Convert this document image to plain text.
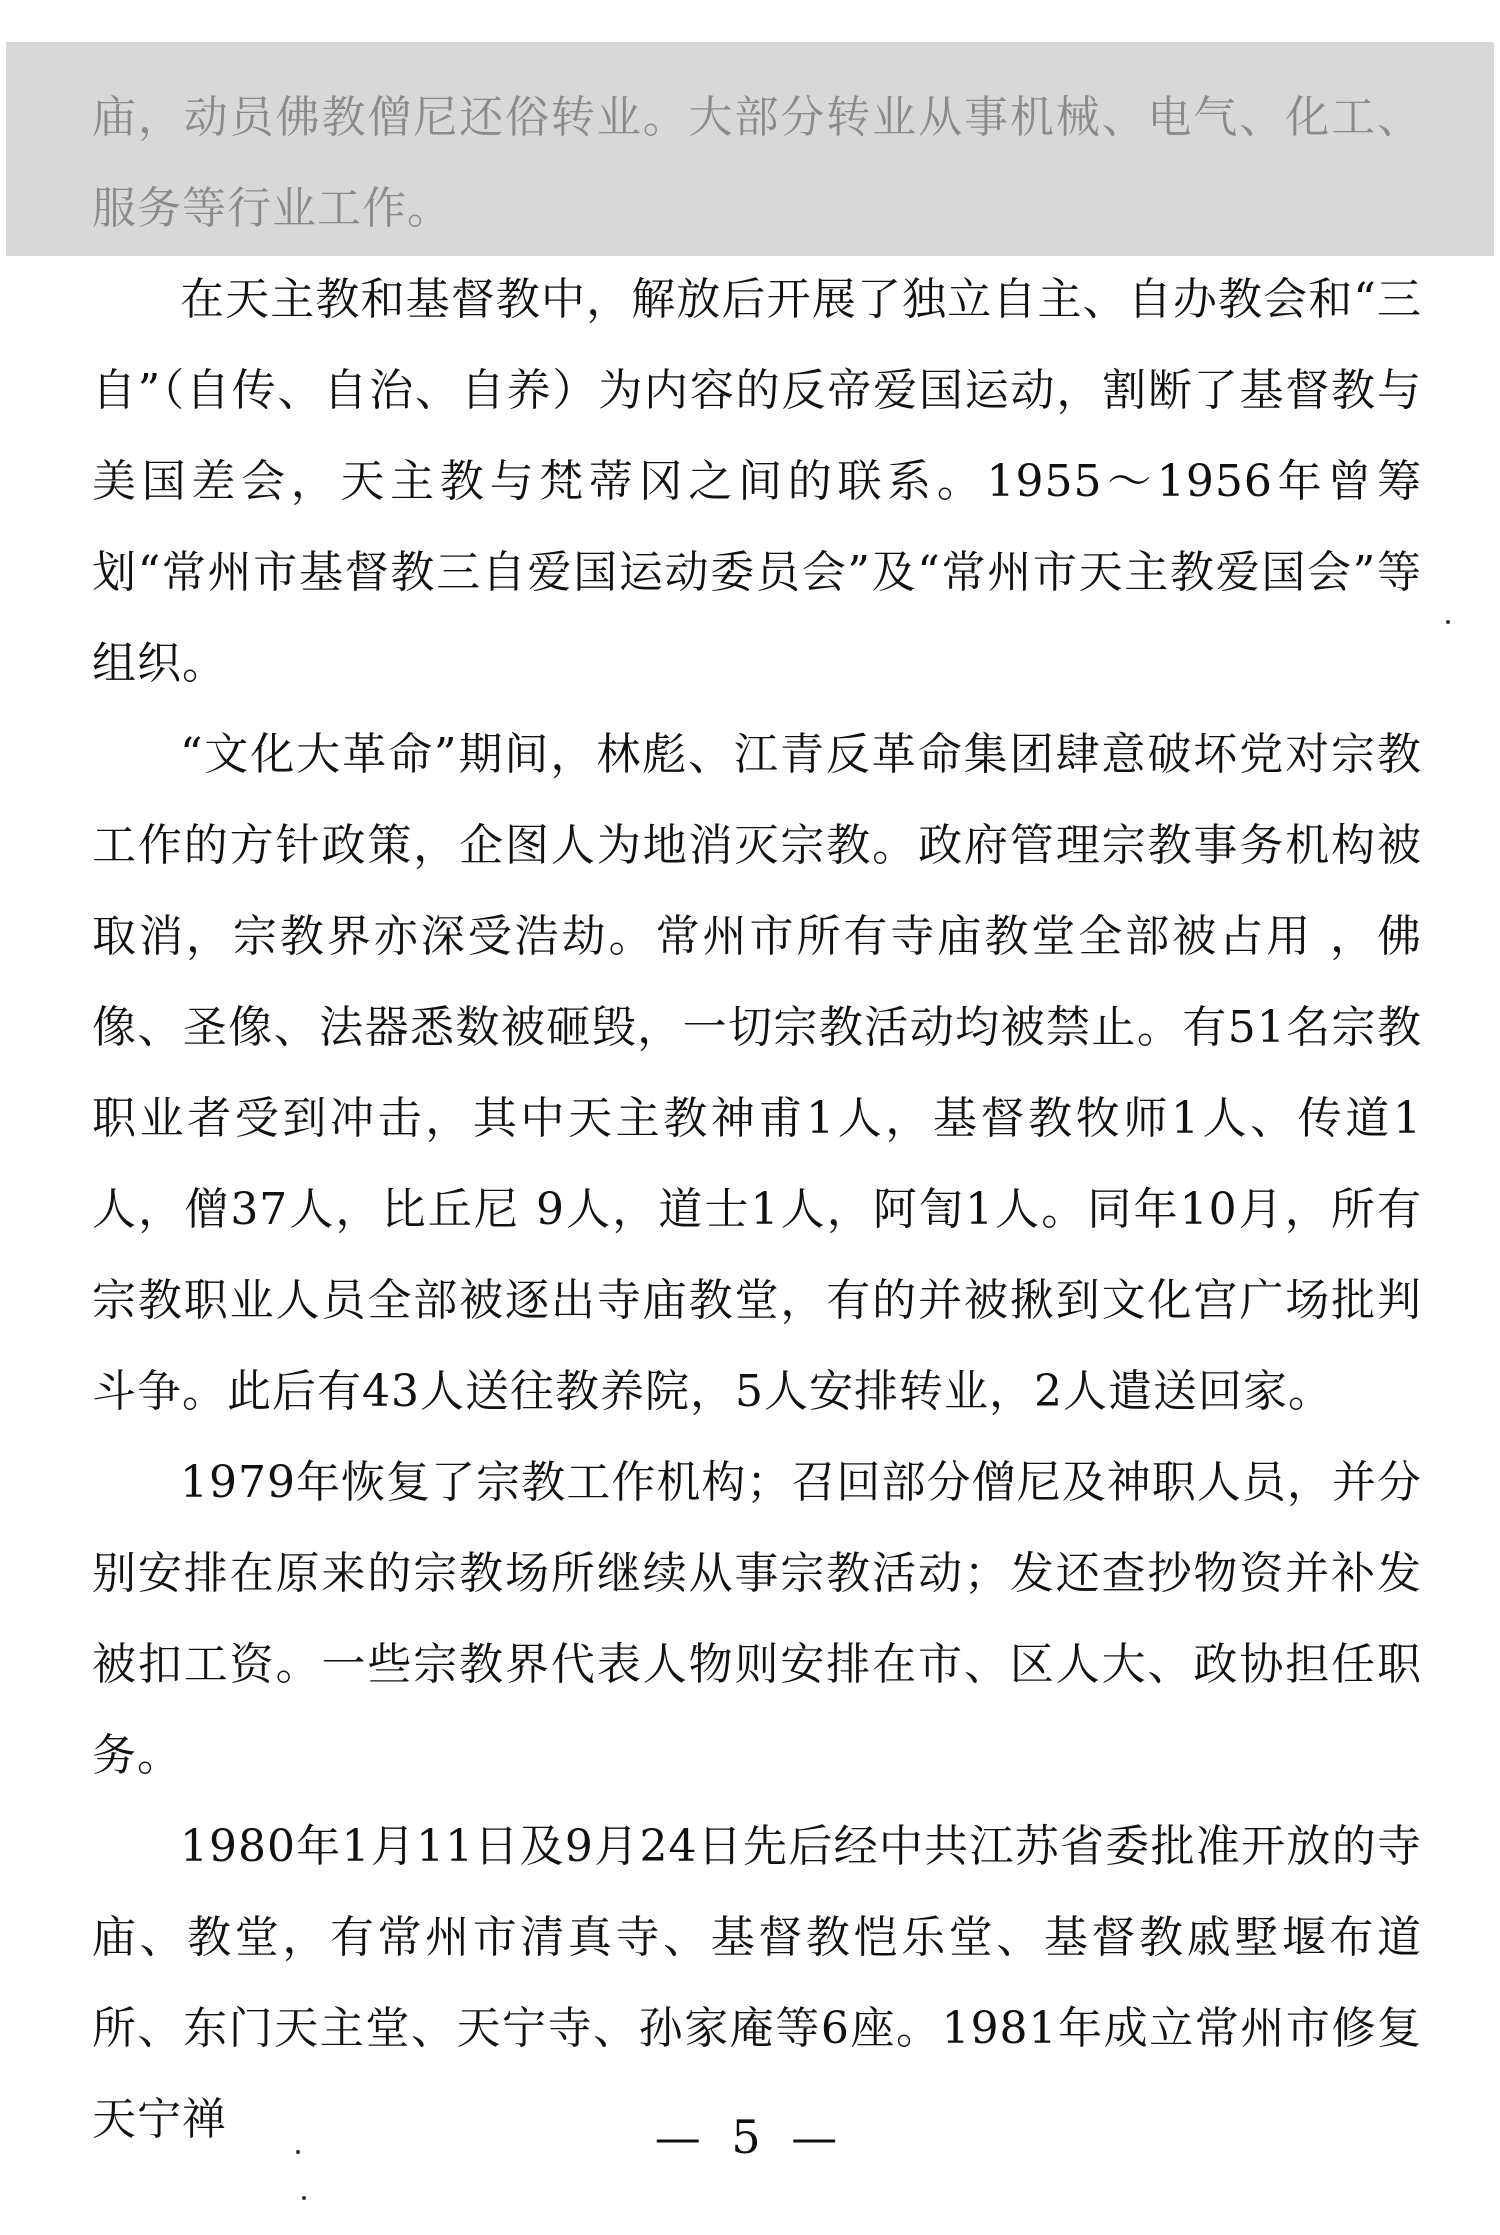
庙，动员佛教僧尼还俗转业。大部分转业从事机械、电气、化工、服务等行业工作。

在天主教和基督教中，解放后开展了独立自主、自办教会和“三自”（自传、自治、自养）为内容的反帝爱国运动，割断了基督教与美国差会，天主教与梵蒂冈之间的联系。1955～1956年曾筹划“常州市基督教三自爱国运动委员会”及“常州市天主教爱国会”等组织。

“文化大革命”期间，林彪、江青反革命集团肆意破坏党对宗教工作的方针政策，企图人为地消灭宗教。政府管理宗教事务机构被取消，宗教界亦深受浩劫。常州市所有寺庙教堂全部被占用 ，佛像、圣像、法器悉数被砸毁，一切宗教活动均被禁止。有51名宗教职业者受到冲击，其中天主教神甫1人，基督教牧师1人、传道1人，僧37人，比丘尼 9人，道士1人，阿訇1人。同年10月，所有宗教职业人员全部被逐出寺庙教堂，有的并被揪到文化宫广场批判斗争。此后有43人送往教养院，5人安排转业，2人遣送回家。

1979年恢复了宗教工作机构；召回部分僧尼及神职人员，并分别安排在原来的宗教场所继续从事宗教活动；发还查抄物资并补发被扣工资。一些宗教界代表人物则安排在市、区人大、政协担任职务。

1980年1月11日及9月24日先后经中共江苏省委批准开放的寺庙、教堂，有常州市清真寺、基督教恺乐堂、基督教戚墅堰布道所、东门天主堂、天宁寺、孙家庵等6座。1981年成立常州市修复天宁禅	— 5 —
